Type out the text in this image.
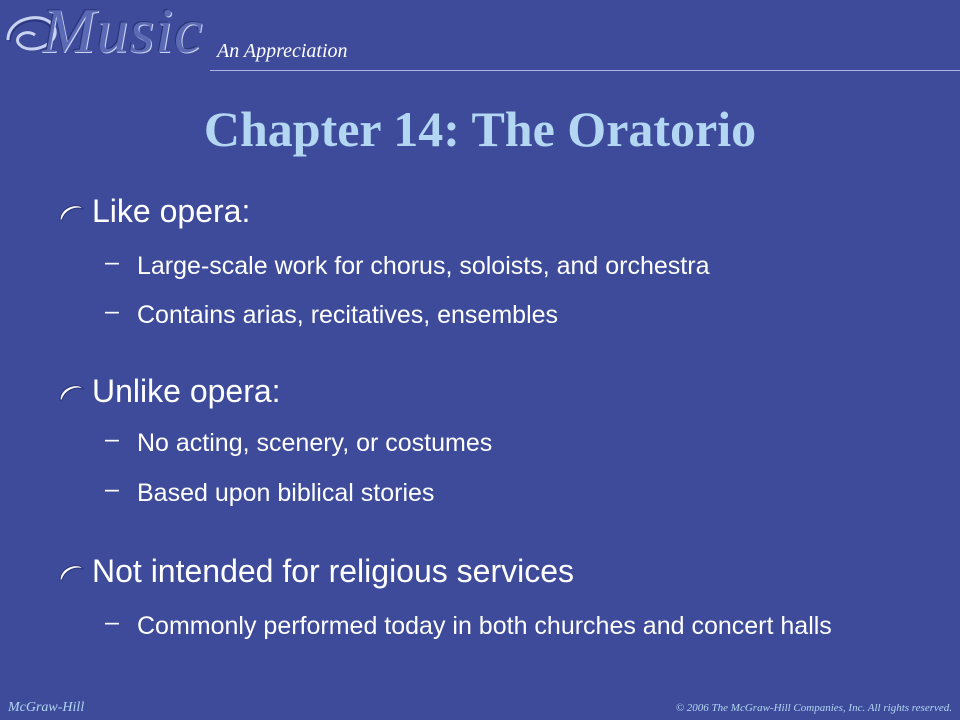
Music An Appreciation
Chapter 14: The Oratorio
Like opera:
– Large-scale work for chorus, soloists, and orchestra
– Contains arias, recitatives, ensembles
Unlike opera:
– No acting, scenery, or costumes
– Based upon biblical stories
Not intended for religious services
– Commonly performed today in both churches and concert halls
McGraw-Hill	© 2006 The McGraw-Hill Companies, Inc. All rights reserved.
